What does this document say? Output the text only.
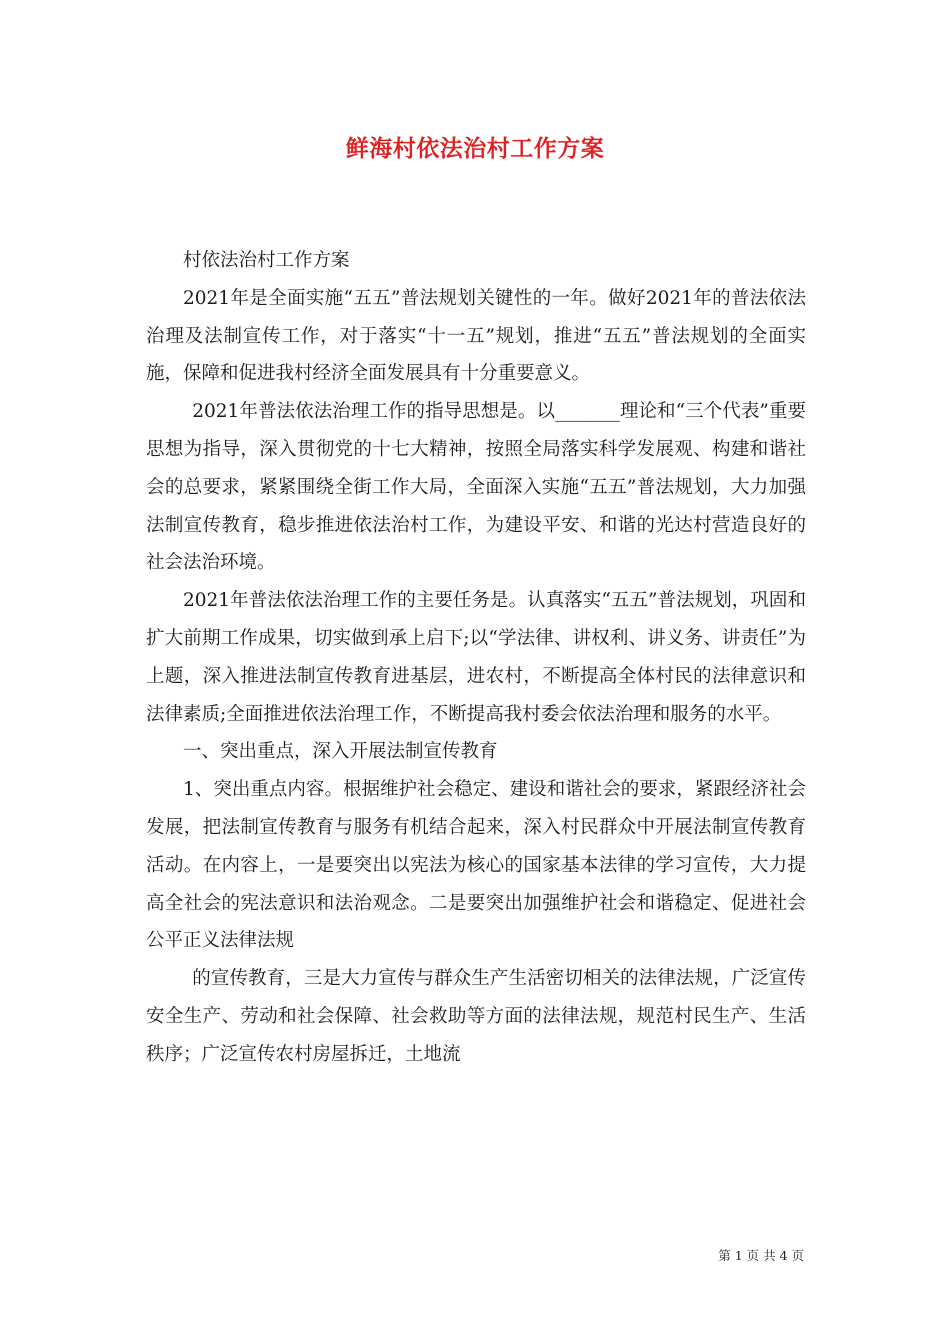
鲜海村依法治村工作方案

村依法治村工作方案

2021年是全面实施“五五”普法规划关键性的一年。做好2021年的普法依法治理及法制宣传工作，对于落实“十一五”规划，推进“五五”普法规划的全面实施，保障和促进我村经济全面发展具有十分重要意义。

2021年普法依法治理工作的指导思想是。以_______理论和“三个代表”重要思想为指导，深入贯彻党的十七大精神，按照全局落实科学发展观、构建和谐社会的总要求，紧紧围绕全街工作大局，全面深入实施“五五”普法规划，大力加强法制宣传教育，稳步推进依法治村工作，为建设平安、和谐的光达村营造良好的社会法治环境。

2021年普法依法治理工作的主要任务是。认真落实“五五”普法规划，巩固和扩大前期工作成果，切实做到承上启下;以“学法律、讲权利、讲义务、讲责任”为上题，深入推进法制宣传教育进基层，进农村，不断提高全体村民的法律意识和法律素质;全面推进依法治理工作，不断提高我村委会依法治理和服务的水平。

一、突出重点，深入开展法制宣传教育

1、突出重点内容。根据维护社会稳定、建设和谐社会的要求，紧跟经济社会发展，把法制宣传教育与服务有机结合起来，深入村民群众中开展法制宣传教育活动。在内容上，一是要突出以宪法为核心的国家基本法律的学习宣传，大力提高全社会的宪法意识和法治观念。二是要突出加强维护社会和谐稳定、促进社会公平正义法律法规

的宣传教育，三是大力宣传与群众生产生活密切相关的法律法规，广泛宣传安全生产、劳动和社会保障、社会救助等方面的法律法规，规范村民生产、生活秩序；广泛宣传农村房屋拆迁，土地流

第 1 页 共 4 页
